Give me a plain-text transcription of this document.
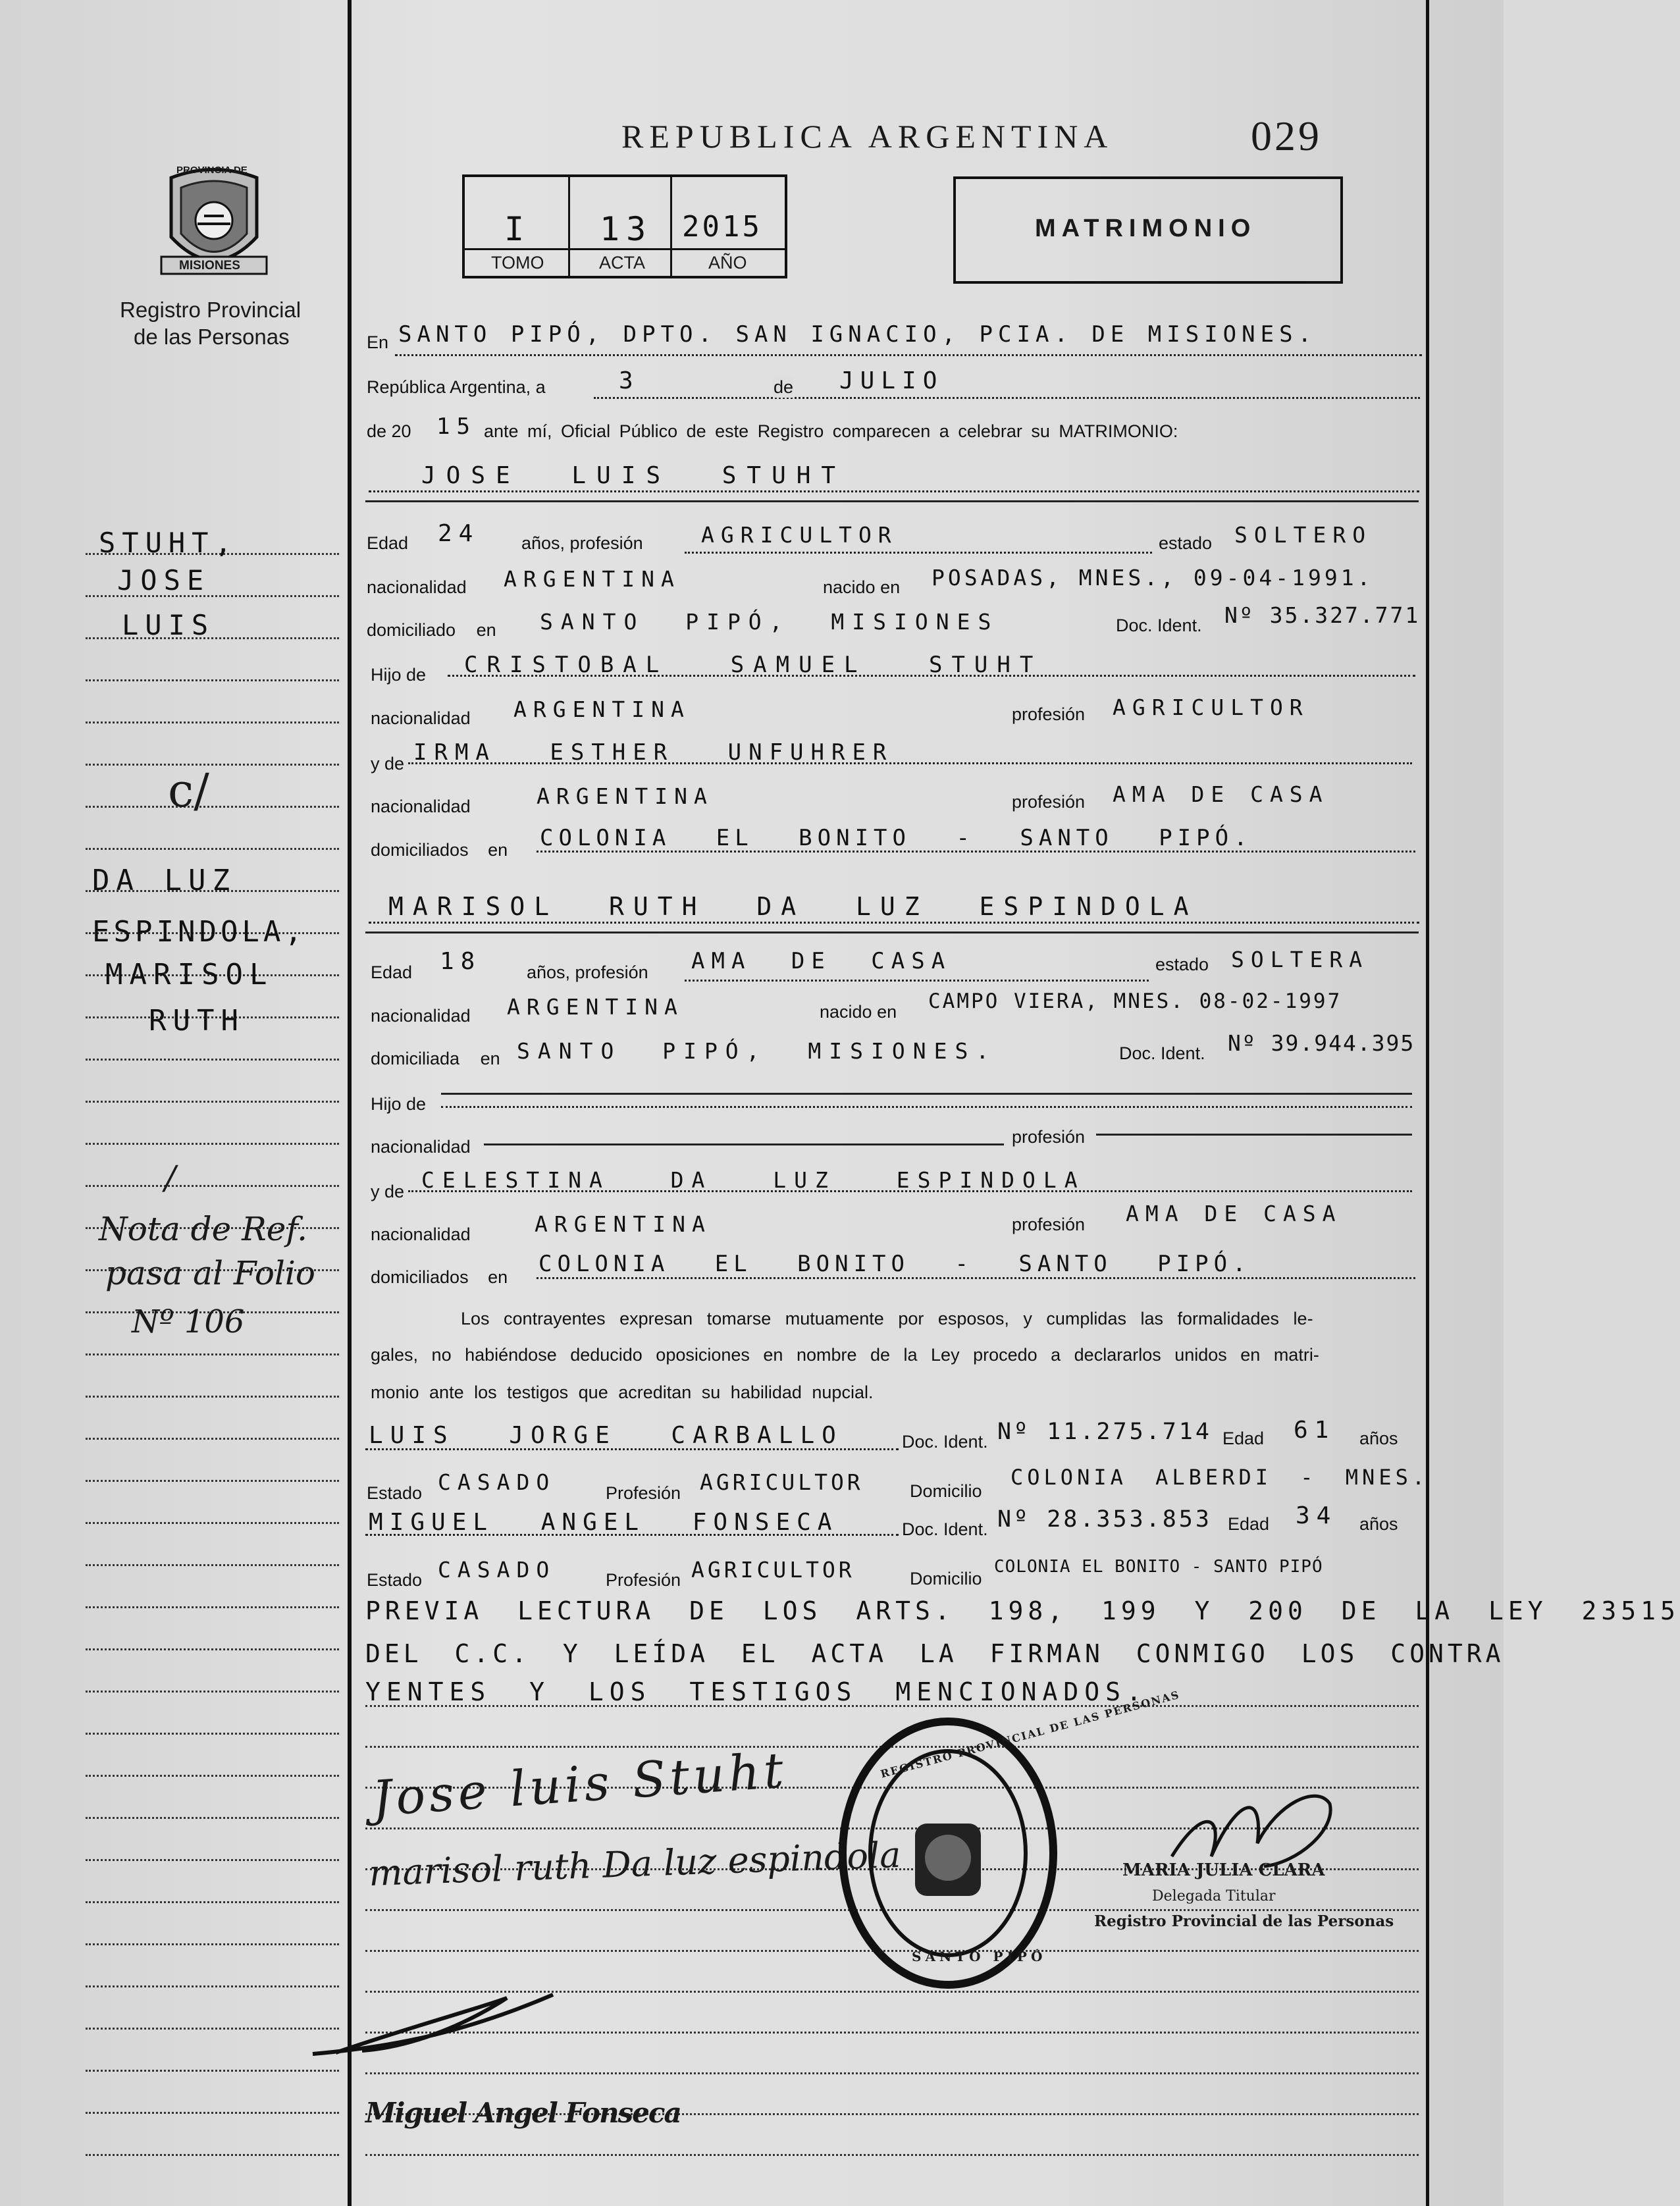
PROVINCIA DE
MISIONES
Registro Provincial
de las Personas
REPUBLICA ARGENTINA	029
I 13 2015
TOMO	ACTA	AÑO
MATRIMONIO
STUHT,
JOSE
LUIS
c/
DA LUZ
ESPINDOLA,
MARISOL
RUTH
/
Nota de Ref.
pasa al Folio
Nº 106
En SANTO PIPÓ, DPTO. SAN IGNACIO, PCIA. DE MISIONES.
República Argentina, a	3	de JULIO
de 20 15 ante mí, Oficial Público de este Registro comparecen a celebrar su MATRIMONIO:
JOSE LUIS STUHT
Edad 24 años, profesión	AGRICULTOR	estado SOLTERO
nacionalidad ARGENTINA	nacido en POSADAS, MNES., 09-04-1991.
domiciliado en SANTO PIPÓ, MISIONES	Doc. Ident. Nº 35.327.771
Hijo de CRISTOBAL SAMUEL STUHT
nacionalidad ARGENTINA	profesión AGRICULTOR
y de IRMA ESTHER UNFUHRER
nacionalidad	ARGENTINA	profesión AMA DE CASA
domiciliados en COLONIA EL BONITO - SANTO PIPÓ.
MARISOL RUTH DA LUZ ESPINDOLA
Edad 18	años, profesión AMA DE CASA	estado SOLTERA
nacionalidad ARGENTINA	nacido en CAMPO VIERA, MNES. 08-02-1997
domiciliada en SANTO PIPÓ, MISIONES.	Doc. Ident. Nº 39.944.395
Hijo de
nacionalidad	profesión
y de CELESTINA DA LUZ ESPINDOLA
nacionalidad	ARGENTINA	profesión AMA DE CASA
domiciliados en COLONIA EL BONITO - SANTO PIPÓ.
Los contrayentes expresan tomarse mutuamente por esposos, y cumplidas las formalidades le-
gales, no habiéndose deducido oposiciones en nombre de la Ley procedo a declararlos unidos en matri-
monio ante los testigos que acreditan su habilidad nupcial.
LUIS JORGE CARBALLO	Doc. Ident. Nº 11.275.714 Edad 61 años
Estado CASADO	Profesión AGRICULTOR	Domicilio
COLONIA ALBERDI - MNES.
MIGUEL ANGEL FONSECA	Doc. Ident. Nº 28.353.853 Edad 34 años
Estado CASADO	Profesión AGRICULTOR	Domicilio
COLONIA EL BONITO - SANTO PIPÓ
PREVIA LECTURA DE LOS ARTS. 198, 199 Y 200 DE LA LEY 23515
DEL C.C. Y LEÍDA EL ACTA LA FIRMAN CONMIGO LOS CONTRA
YENTES Y LOS TESTIGOS MENCIONADOS.
Jose luis Stuht
marisol ruth Da luz espindola
REGISTRO PROVINCIAL DE LAS PERSONAS
SANTO PIPÓ
MARIA JULIA CLARA
Delegada Titular
Registro Provincial de las Personas
Miguel Angel Fonseca
